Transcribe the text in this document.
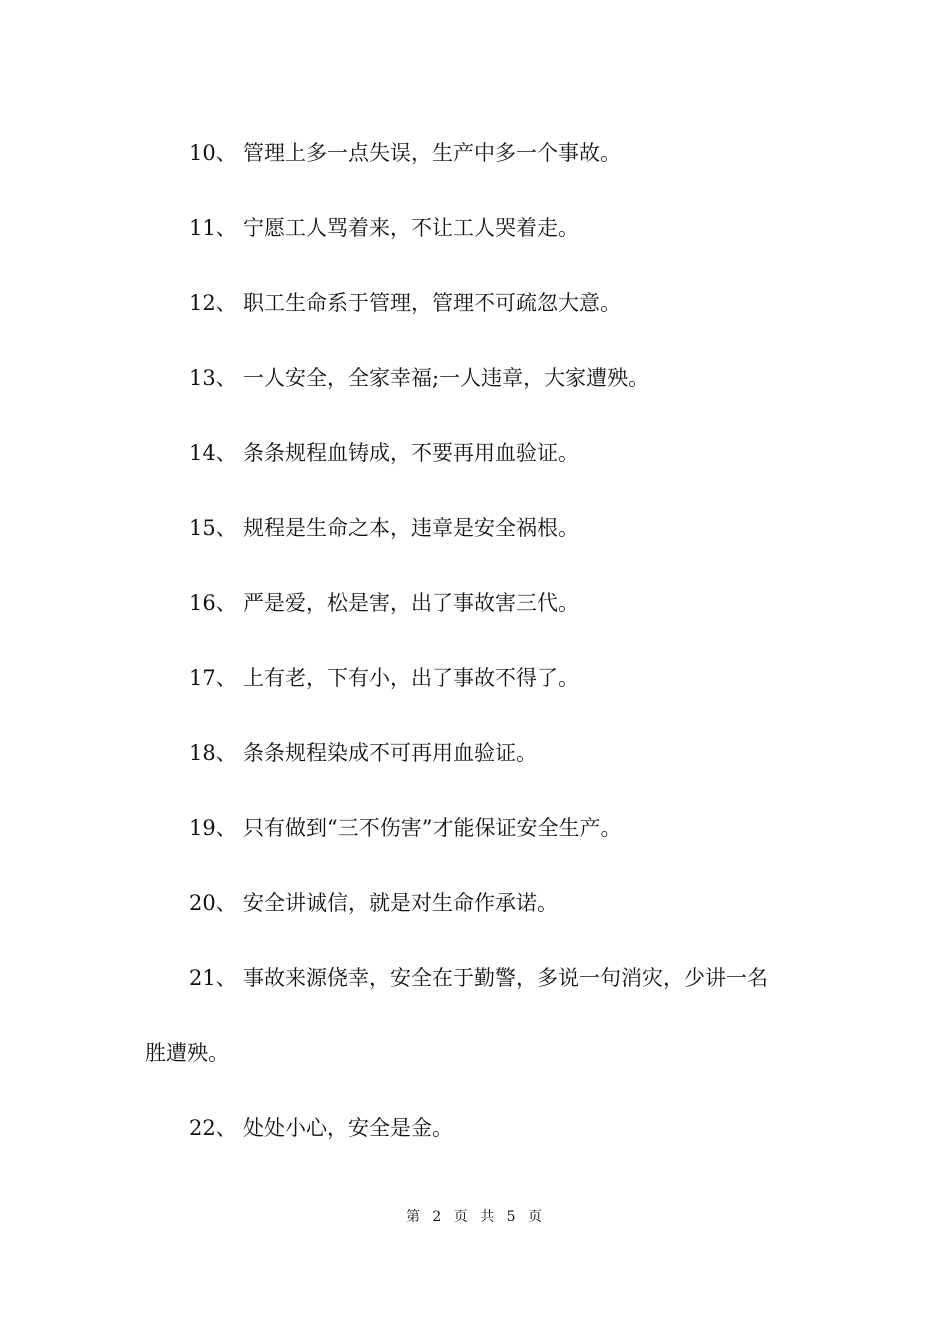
10、 管理上多一点失误，生产中多一个事故。
11、 宁愿工人骂着来，不让工人哭着走。
12、 职工生命系于管理，管理不可疏忽大意。
13、 一人安全，全家幸福;一人违章，大家遭殃。
14、 条条规程血铸成，不要再用血验证。
15、 规程是生命之本，违章是安全祸根。
16、 严是爱，松是害，出了事故害三代。
17、 上有老，下有小，出了事故不得了。
18、 条条规程染成不可再用血验证。
19、 只有做到“三不伤害”才能保证安全生产。
20、 安全讲诚信，就是对生命作承诺。
21、 事故来源侥幸，安全在于勤警，多说一句消灾，少讲一名
胜遭殃。
22、 处处小心，安全是金。
第 2 页 共 5 页
